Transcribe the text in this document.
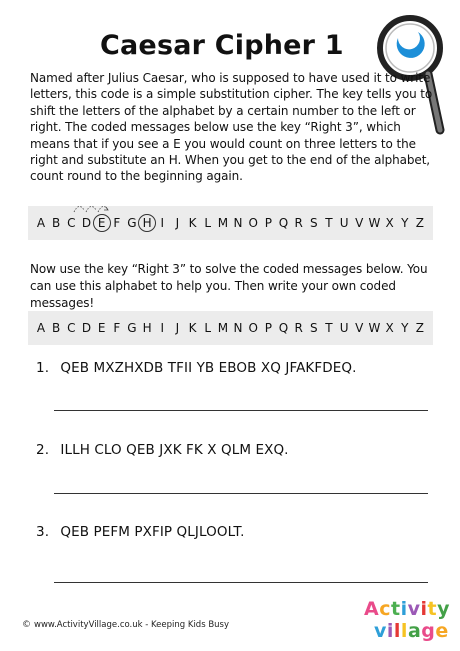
Caesar Cipher 1
Named after Julius Caesar, who is supposed to have used it to write letters, this code is a simple substitution cipher. The key tells you to shift the letters of the alphabet by a certain number to the left or right. The coded messages below use the key “Right 3”, which means that if you see a E you would count on three letters to the right and substitute an H. When you get to the end of the alphabet, count round to the beginning again.
A B C D E F G H I J K L M N O P Q R S T U V W X Y Z
Now use the key “Right 3” to solve the coded messages below. You can use this alphabet to help you. Then write your own coded messages!
A B C D E F G H I J K L M N O P Q R S T U V W X Y Z
1. QEB MXZHXDB TFII YB EBOB XQ JFAKFDEQ.
2. ILLH CLO QEB JXK FK X QLM EXQ.
3. QEB PEFM PXFIP QLJLOOLT.
© www.ActivityVillage.co.uk - Keeping Kids Busy
Activity
village
